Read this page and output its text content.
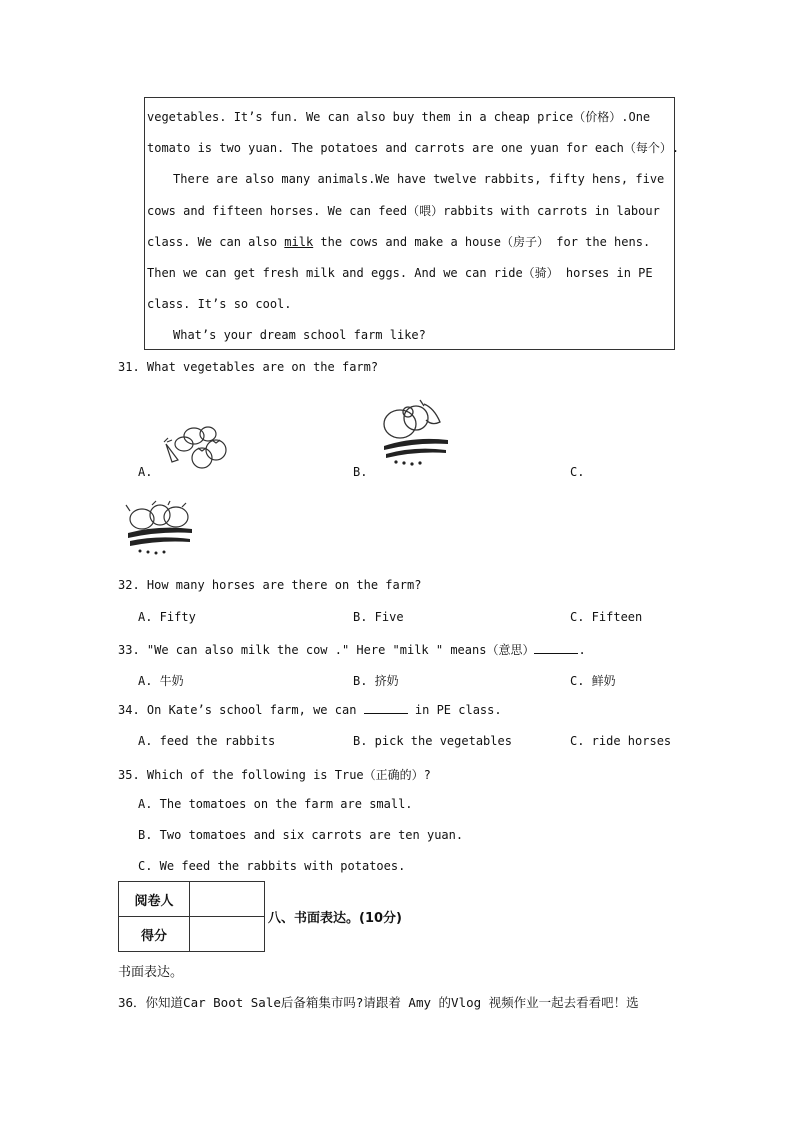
vegetables. It’s fun. We can also buy them in a cheap price（价格）.One
tomato is two yuan. The potatoes and carrots are one yuan for each（每个）.
There are also many animals.We have twelve rabbits, fifty hens, five
cows and fifteen horses. We can feed（喂）rabbits with carrots in labour
class. We can also milk the cows and make a house（房子） for the hens.
Then we can get fresh milk and eggs. And we can ride（骑） horses in PE
class. It’s so cool.
What’s your dream school farm like?
31. What vegetables are on the farm?
A.	B.	C.
32. How many horses are there on the farm?
A. Fifty	B. Five	C. Fifteen
33. "We can also milk the cow ." Here "milk " means（意思）	.
A. 牛奶	B. 挤奶	C. 鲜奶
34. On Kate’s school farm, we can	in PE class.
A. feed the rabbits	B. pick the vegetables	C. ride horses
35. Which of the following is True（正确的）?
A. The tomatoes on the farm are small.
B. Two tomatoes and six carrots are ten yuan.
C. We feed the rabbits with potatoes.
阅卷人	
得分	
八、书面表达。(10分)
书面表达。
36．你知道Car Boot Sale后备箱集市吗?请跟着 Amy 的Vlog 视频作业一起去看看吧！选
